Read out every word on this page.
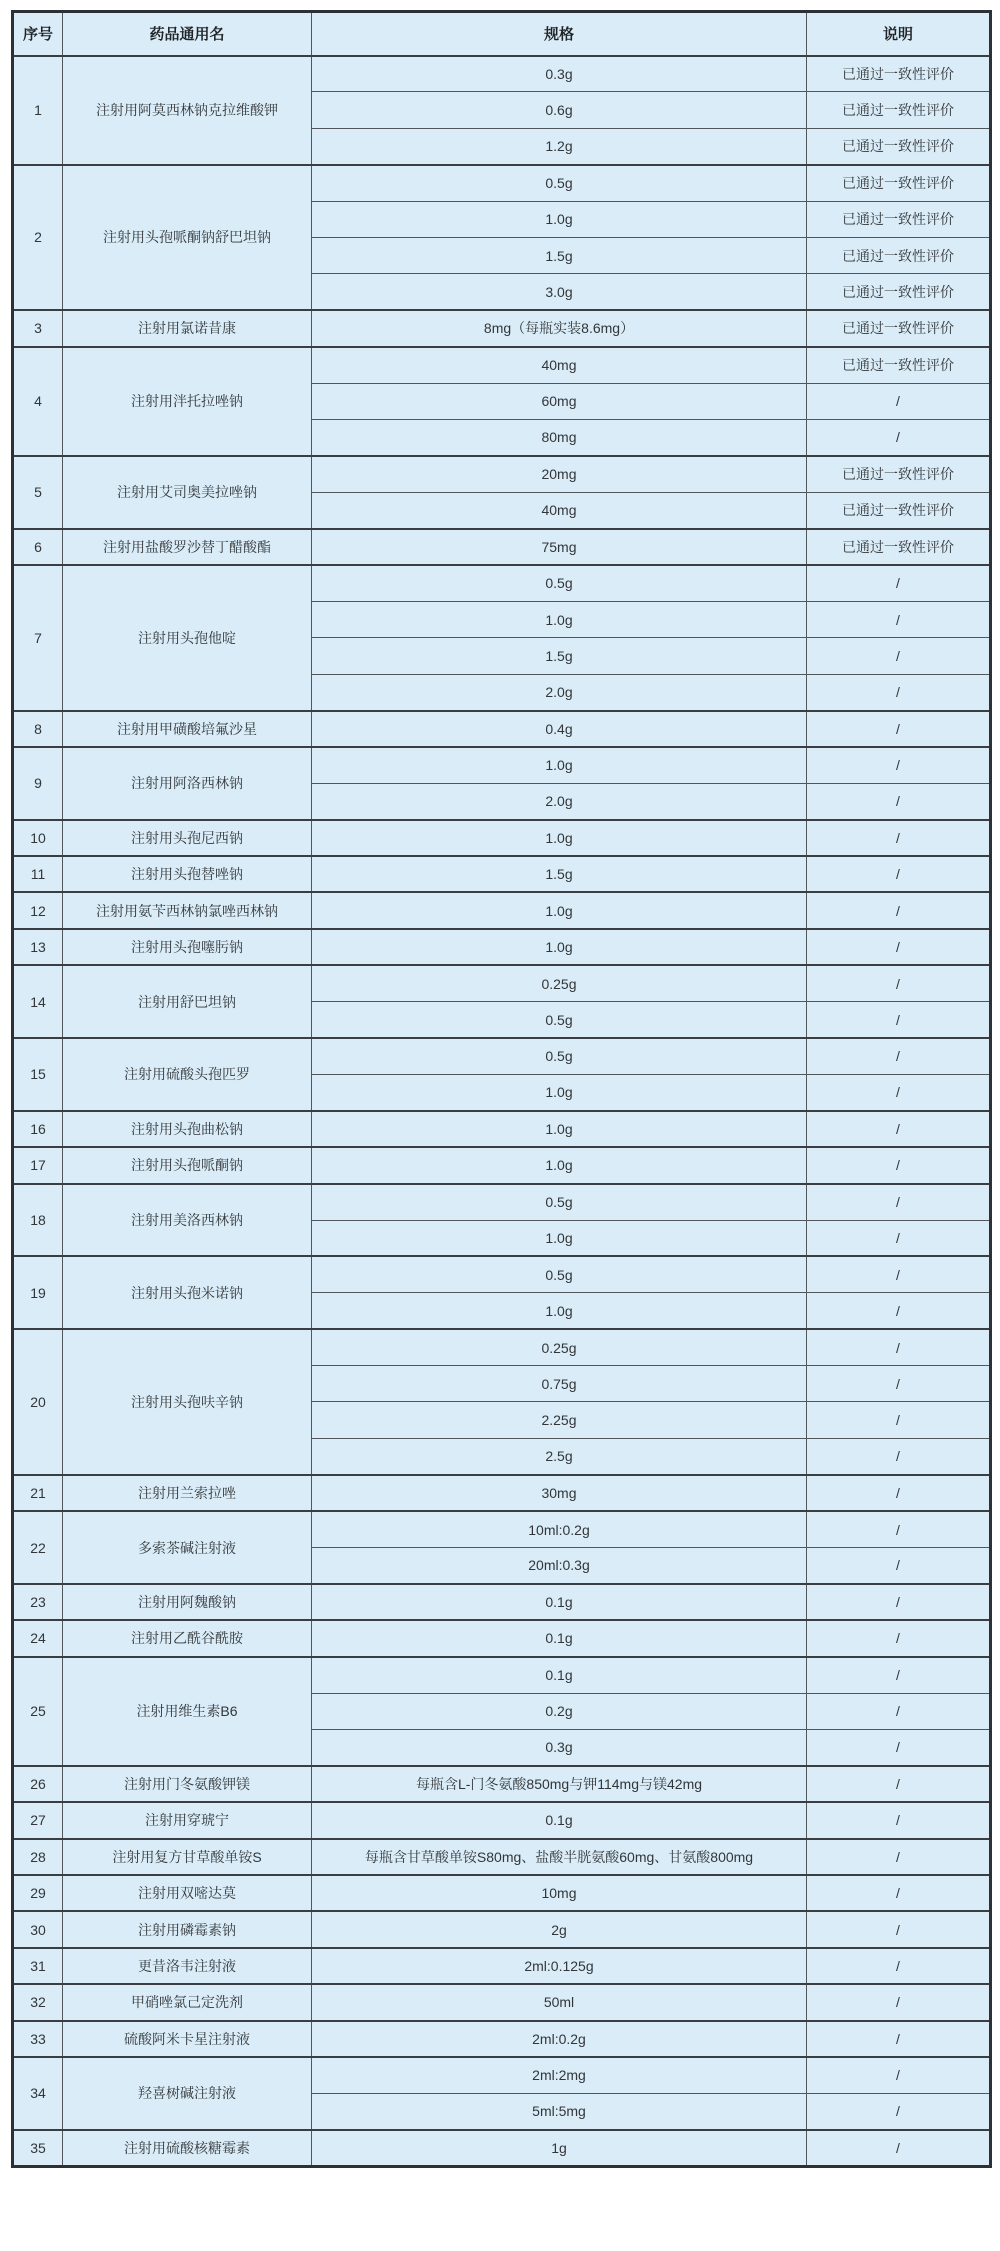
序号	药品通用名	规格	说明
1	注射用阿莫西林钠克拉维酸钾	0.3g	已通过一致性评价
		0.6g	已通过一致性评价
		1.2g	已通过一致性评价
2	注射用头孢哌酮钠舒巴坦钠	0.5g	已通过一致性评价
		1.0g	已通过一致性评价
		1.5g	已通过一致性评价
		3.0g	已通过一致性评价
3	注射用氯诺昔康	8mg（每瓶实装8.6mg）	已通过一致性评价
4	注射用泮托拉唑钠	40mg	已通过一致性评价
		60mg	/
		80mg	/
5	注射用艾司奥美拉唑钠	20mg	已通过一致性评价
		40mg	已通过一致性评价
6	注射用盐酸罗沙替丁醋酸酯	75mg	已通过一致性评价
7	注射用头孢他啶	0.5g	/
		1.0g	/
		1.5g	/
		2.0g	/
8	注射用甲磺酸培氟沙星	0.4g	/
9	注射用阿洛西林钠	1.0g	/
		2.0g	/
10	注射用头孢尼西钠	1.0g	/
11	注射用头孢替唑钠	1.5g	/
12	注射用氨苄西林钠氯唑西林钠	1.0g	/
13	注射用头孢噻肟钠	1.0g	/
14	注射用舒巴坦钠	0.25g	/
		0.5g	/
15	注射用硫酸头孢匹罗	0.5g	/
		1.0g	/
16	注射用头孢曲松钠	1.0g	/
17	注射用头孢哌酮钠	1.0g	/
18	注射用美洛西林钠	0.5g	/
		1.0g	/
19	注射用头孢米诺钠	0.5g	/
		1.0g	/
20	注射用头孢呋辛钠	0.25g	/
		0.75g	/
		2.25g	/
		2.5g	/
21	注射用兰索拉唑	30mg	/
22	多索茶碱注射液	10ml:0.2g	/
		20ml:0.3g	/
23	注射用阿魏酸钠	0.1g	/
24	注射用乙酰谷酰胺	0.1g	/
25	注射用维生素B6	0.1g	/
		0.2g	/
		0.3g	/
26	注射用门冬氨酸钾镁	每瓶含L-门冬氨酸850mg与钾114mg与镁42mg	/
27	注射用穿琥宁	0.1g	/
28	注射用复方甘草酸单铵S	每瓶含甘草酸单铵S80mg、盐酸半胱氨酸60mg、甘氨酸800mg	/
29	注射用双嘧达莫	10mg	/
30	注射用磷霉素钠	2g	/
31	更昔洛韦注射液	2ml:0.125g	/
32	甲硝唑氯己定洗剂	50ml	/
33	硫酸阿米卡星注射液	2ml:0.2g	/
34	羟喜树碱注射液	2ml:2mg	/
		5ml:5mg	/
35	注射用硫酸核糖霉素	1g	/
